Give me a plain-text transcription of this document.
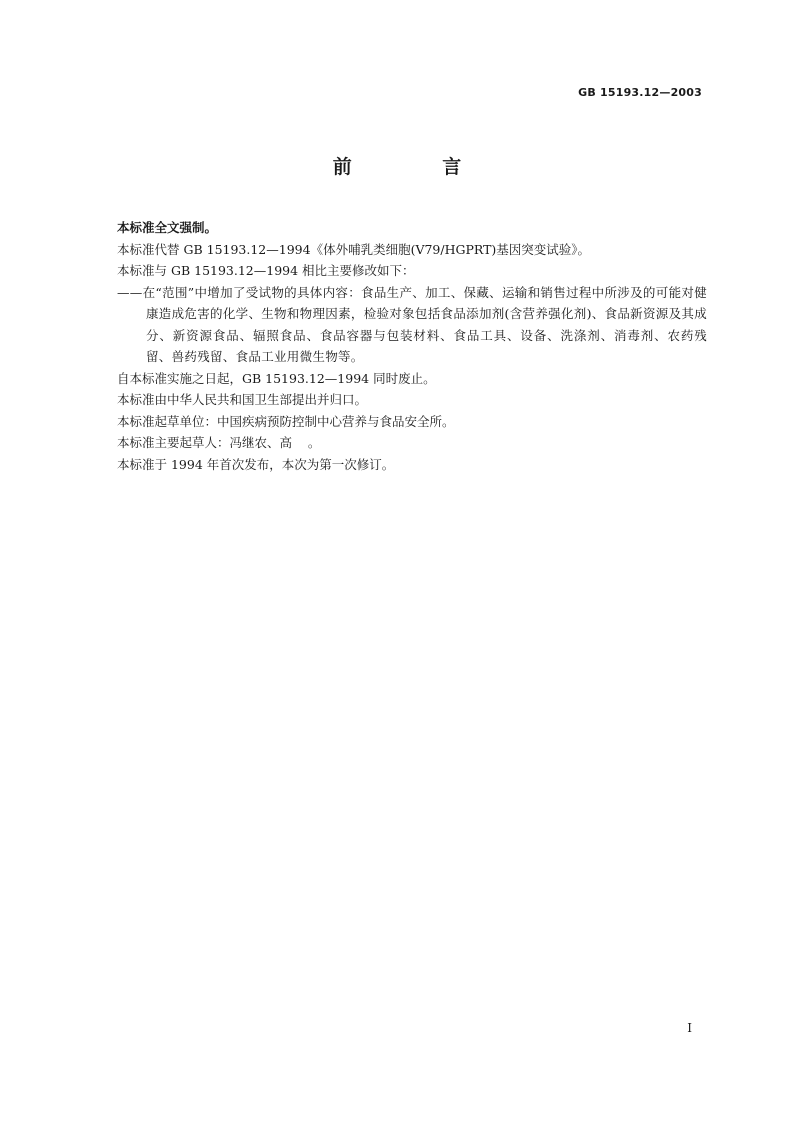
GB 15193.12—2003
前 言

本标准全文强制。

本标准代替 GB 15193.12—1994《体外哺乳类细胞(V79/HGPRT)基因突变试验》。

本标准与 GB 15193.12—1994 相比主要修改如下：

——在“范围”中增加了受试物的具体内容：食品生产、加工、保藏、运输和销售过程中所涉及的可能对健康造成危害的化学、生物和物理因素，检验对象包括食品添加剂(含营养强化剂)、食品新资源及其成分、新资源食品、辐照食品、食品容器与包装材料、食品工具、设备、洗涤剂、消毒剂、农药残留、兽药残留、食品工业用微生物等。

自本标准实施之日起，GB 15193.12—1994 同时废止。

本标准由中华人民共和国卫生部提出并归口。

本标准起草单位：中国疾病预防控制中心营养与食品安全所。

本标准主要起草人：冯继农、高    。

本标准于 1994 年首次发布，本次为第一次修订。

I
